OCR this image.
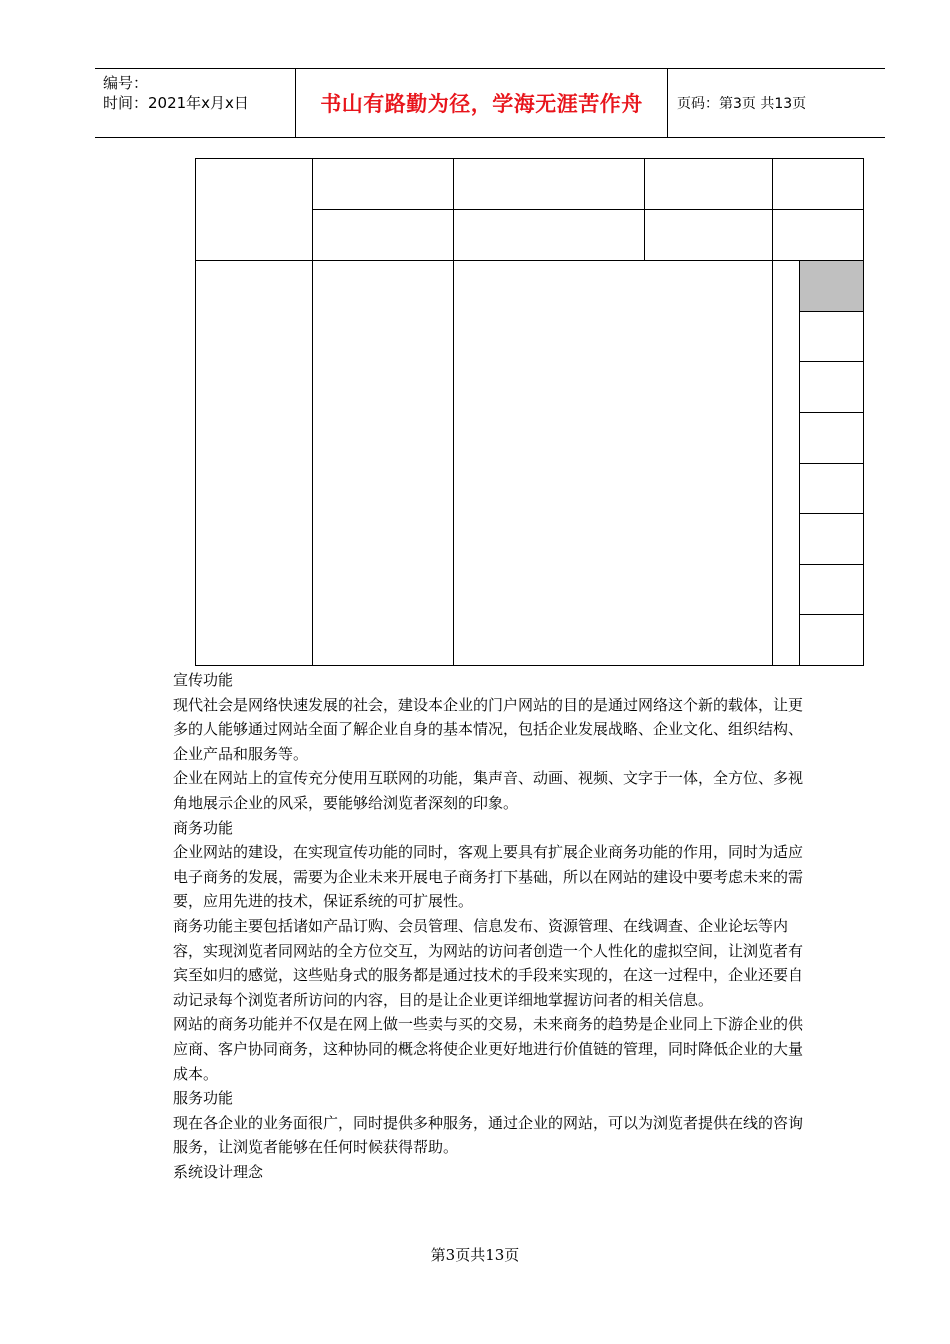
编号：
时间：2021年x月x日	书山有路勤为径，学海无涯苦作舟	页码：第3页 共13页

宣传功能

现代社会是网络快速发展的社会，建设本企业的门户网站的目的是通过网络这个新的载体，让更多的人能够通过网站全面了解企业自身的基本情况，包括企业发展战略、企业文化、组织结构、企业产品和服务等。

企业在网站上的宣传充分使用互联网的功能，集声音、动画、视频、文字于一体，全方位、多视角地展示企业的风采，要能够给浏览者深刻的印象。

商务功能

企业网站的建设，在实现宣传功能的同时，客观上要具有扩展企业商务功能的作用，同时为适应电子商务的发展，需要为企业未来开展电子商务打下基础，所以在网站的建设中要考虑未来的需要，应用先进的技术，保证系统的可扩展性。

商务功能主要包括诸如产品订购、会员管理、信息发布、资源管理、在线调查、企业论坛等内容，实现浏览者同网站的全方位交互，为网站的访问者创造一个人性化的虚拟空间，让浏览者有宾至如归的感觉，这些贴身式的服务都是通过技术的手段来实现的，在这一过程中，企业还要自动记录每个浏览者所访问的内容，目的是让企业更详细地掌握访问者的相关信息。

网站的商务功能并不仅是在网上做一些卖与买的交易，未来商务的趋势是企业同上下游企业的供应商、客户协同商务，这种协同的概念将使企业更好地进行价值链的管理，同时降低企业的大量成本。

服务功能

现在各企业的业务面很广，同时提供多种服务，通过企业的网站，可以为浏览者提供在线的咨询服务，让浏览者能够在任何时候获得帮助。

系统设计理念

第3页共13页
